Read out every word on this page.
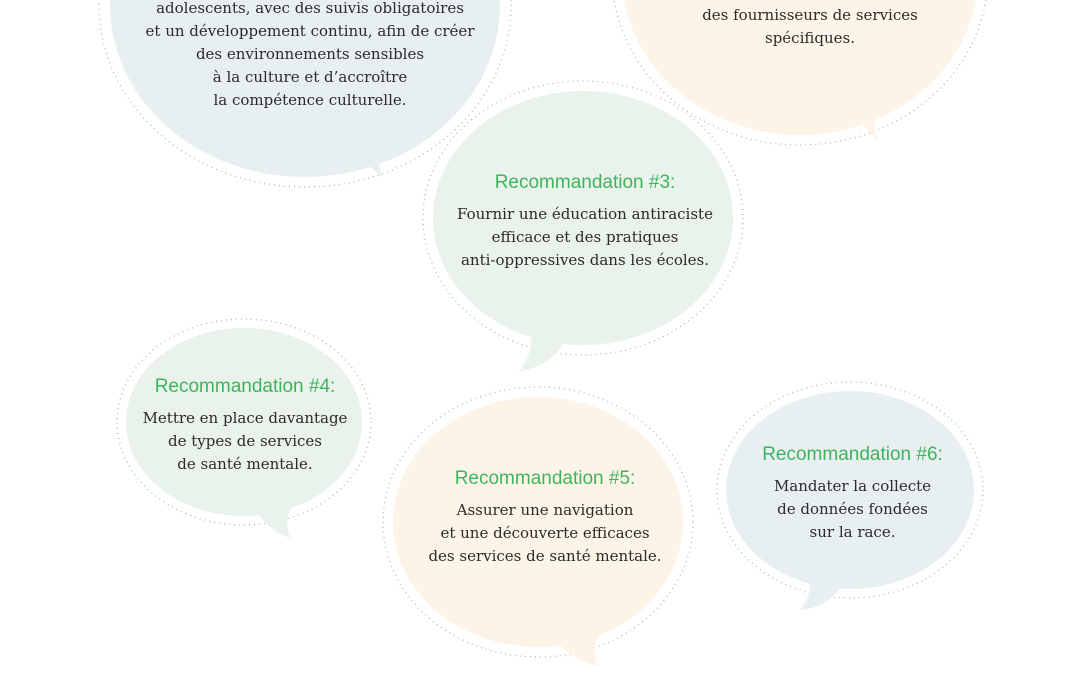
adolescents, avec des suivis obligatoires

et un développement continu, afin de créer

des environnements sensibles

à la culture et d’accroître

la compétence culturelle.

des fournisseurs de services

spécifiques.

Recommandation #3:

Fournir une éducation antiraciste

efficace et des pratiques

anti-oppressives dans les écoles.

Recommandation #4:

Mettre en place davantage

de types de services

de santé mentale.

Recommandation #5:

Assurer une navigation

et une découverte efficaces

des services de santé mentale.

Recommandation #6:

Mandater la collecte

de données fondées

sur la race.
